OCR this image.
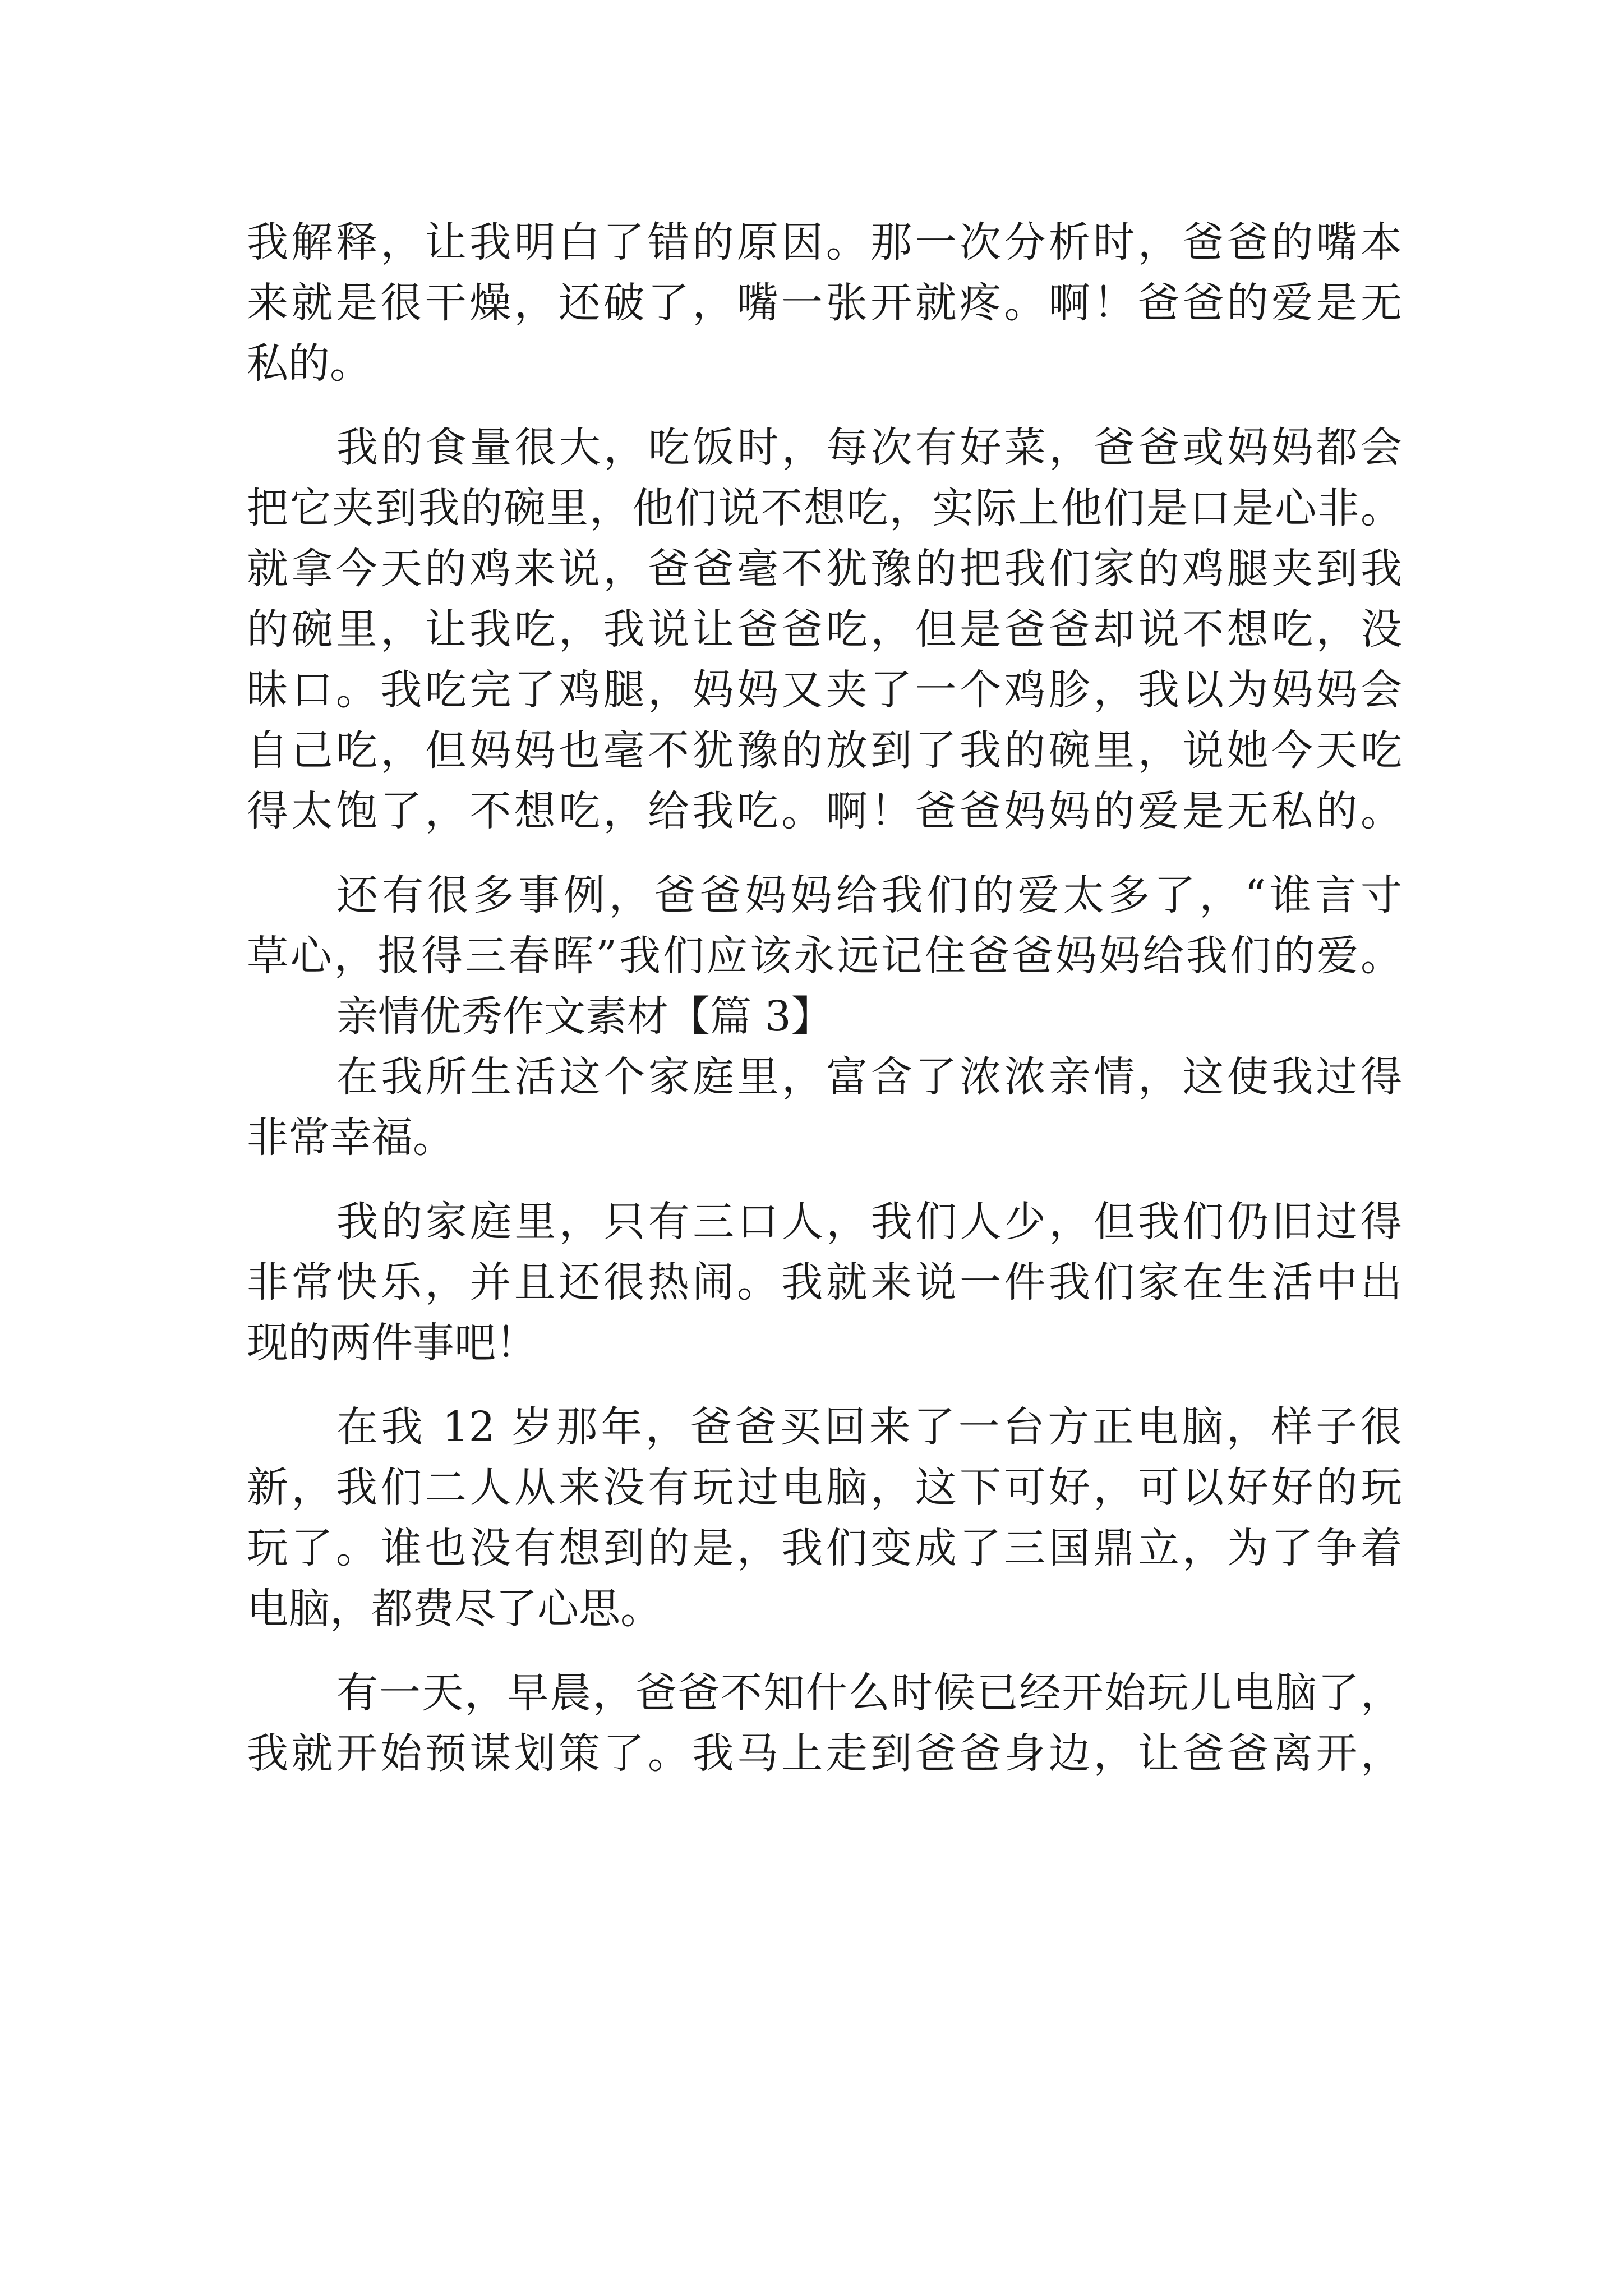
我解释，让我明白了错的原因。那一次分析时，爸爸的嘴本
来就是很干燥，还破了，嘴一张开就疼。啊！爸爸的爱是无
私的。
我的食量很大，吃饭时，每次有好菜，爸爸或妈妈都会
把它夹到我的碗里，他们说不想吃，实际上他们是口是心非。
就拿今天的鸡来说，爸爸毫不犹豫的把我们家的鸡腿夹到我
的碗里，让我吃，我说让爸爸吃，但是爸爸却说不想吃，没
昧口。我吃完了鸡腿，妈妈又夹了一个鸡胗，我以为妈妈会
自己吃，但妈妈也毫不犹豫的放到了我的碗里，说她今天吃
得太饱了，不想吃，给我吃。啊！爸爸妈妈的爱是无私的。
还有很多事例，爸爸妈妈给我们的爱太多了，“谁言寸
草心，报得三春晖”我们应该永远记住爸爸妈妈给我们的爱。
亲情优秀作文素材【篇 3】
在我所生活这个家庭里，富含了浓浓亲情，这使我过得
非常幸福。
我的家庭里，只有三口人，我们人少，但我们仍旧过得
非常快乐，并且还很热闹。我就来说一件我们家在生活中出
现的两件事吧！
在我 12 岁那年，爸爸买回来了一台方正电脑，样子很
新，我们二人从来没有玩过电脑，这下可好，可以好好的玩
玩了。谁也没有想到的是，我们变成了三国鼎立，为了争着
电脑，都费尽了心思。
有一天，早晨，爸爸不知什么时候已经开始玩儿电脑了，
我就开始预谋划策了。我马上走到爸爸身边，让爸爸离开，
